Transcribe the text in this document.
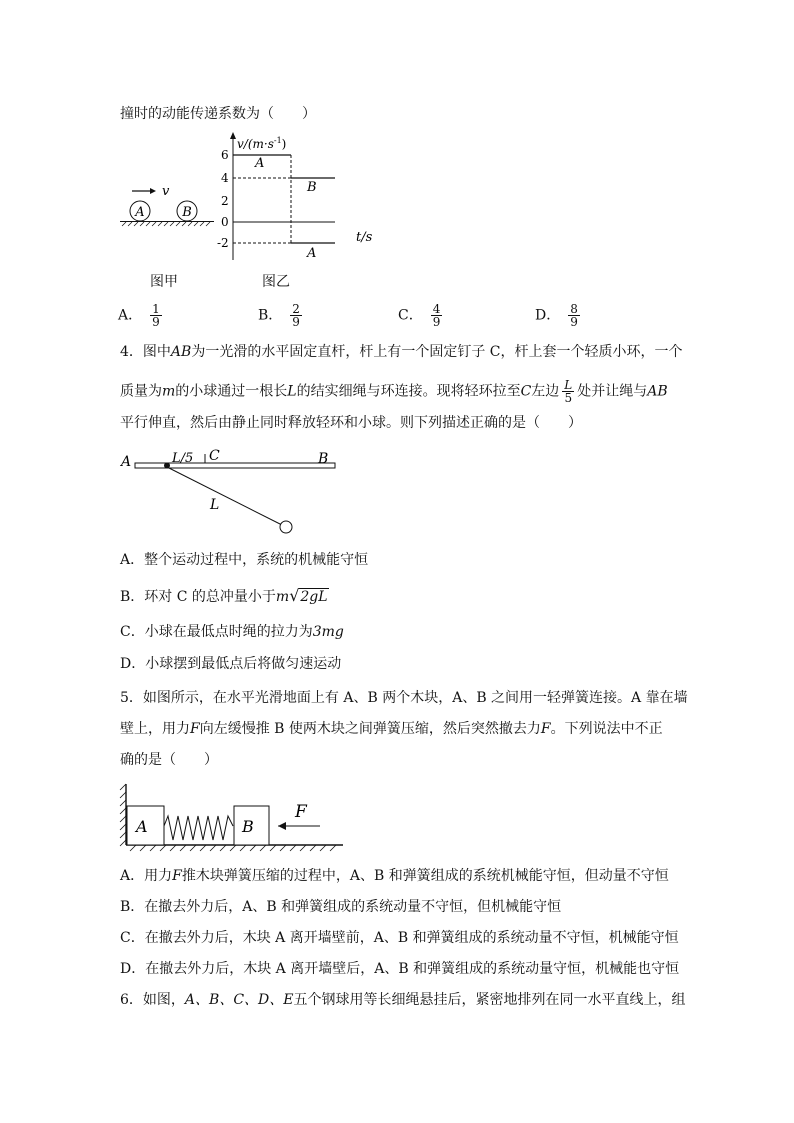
撞时的动能传递系数为（　　）
v
A	B
图甲
$v/(m\cdot s^{-1})$
t/s
6
4
2
0
-2
A
B
A
图乙
A． $\frac{1}{9}$	B． $\frac{2}{9}$	C． $\frac{4}{9}$	D． $\frac{8}{9}$
4．图中AB为一光滑的水平固定直杆，杆上有一个固定钉子 C，杆上套一个轻质小环，一个
质量为m的小球通过一根长L的结实细绳与环连接。现将轻环拉至C左边 $\frac{L}{5}$ 处并让绳与AB
平行伸直，然后由静止同时释放轻环和小球。则下列描述正确的是（　　）
A	B
L/5 C
L
A．整个运动过程中，系统的机械能守恒
B．环对 C 的总冲量小于m√2gL
C．小球在最低点时绳的拉力为3mg
D．小球摆到最低点后将做匀速运动
5．如图所示，在水平光滑地面上有 A、B 两个木块，A、B 之间用一轻弹簧连接。A 靠在墙
壁上，用力F向左缓慢推 B 使两木块之间弹簧压缩，然后突然撤去力F。下列说法中不正
确的是（　　）
A	B
F
A．用力F推木块弹簧压缩的过程中，A、B 和弹簧组成的系统机械能守恒，但动量不守恒
B．在撤去外力后，A、B 和弹簧组成的系统动量不守恒，但机械能守恒
C．在撤去外力后，木块 A 离开墙壁前，A、B 和弹簧组成的系统动量不守恒，机械能守恒
D．在撤去外力后，木块 A 离开墙壁后，A、B 和弹簧组成的系统动量守恒，机械能也守恒
6．如图，A、B、C、D、E五个钢球用等长细绳悬挂后，紧密地排列在同一水平直线上，组
